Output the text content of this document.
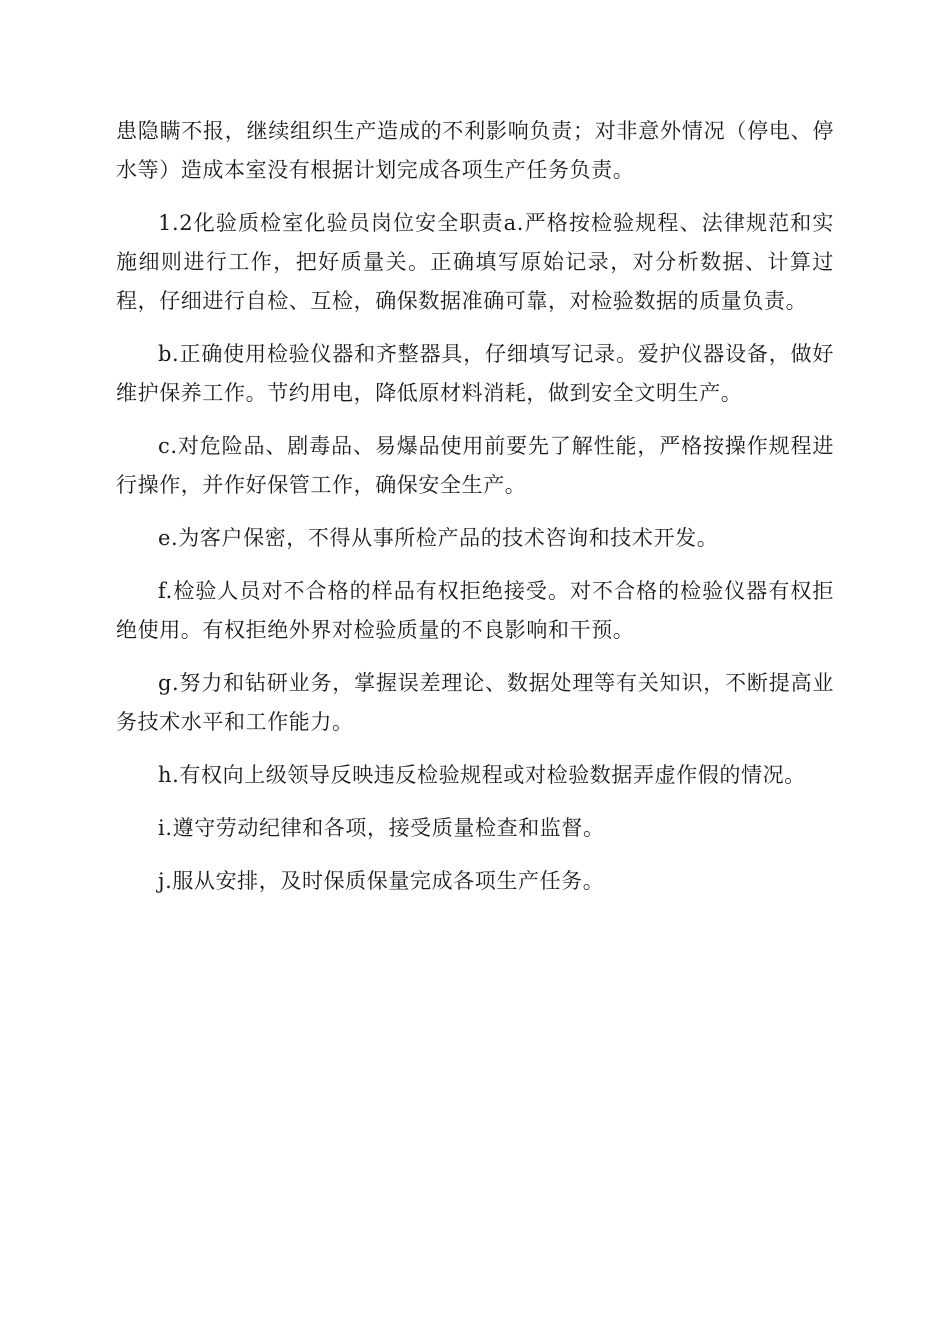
患隐瞒不报，继续组织生产造成的不利影响负责；对非意外情况（停电、停水等）造成本室没有根据计划完成各项生产任务负责。

1.2化验质检室化验员岗位安全职责a.严格按检验规程、法律规范和实施细则进行工作，把好质量关。正确填写原始记录，对分析数据、计算过程，仔细进行自检、互检，确保数据准确可靠，对检验数据的质量负责。

b.正确使用检验仪器和齐整器具，仔细填写记录。爱护仪器设备，做好维护保养工作。节约用电，降低原材料消耗，做到安全文明生产。

c.对危险品、剧毒品、易爆品使用前要先了解性能，严格按操作规程进行操作，并作好保管工作，确保安全生产。

e.为客户保密，不得从事所检产品的技术咨询和技术开发。

f.检验人员对不合格的样品有权拒绝接受。对不合格的检验仪器有权拒绝使用。有权拒绝外界对检验质量的不良影响和干预。

g.努力和钻研业务，掌握误差理论、数据处理等有关知识，不断提高业务技术水平和工作能力。

h.有权向上级领导反映违反检验规程或对检验数据弄虚作假的情况。

i.遵守劳动纪律和各项，接受质量检查和监督。

j.服从安排，及时保质保量完成各项生产任务。
